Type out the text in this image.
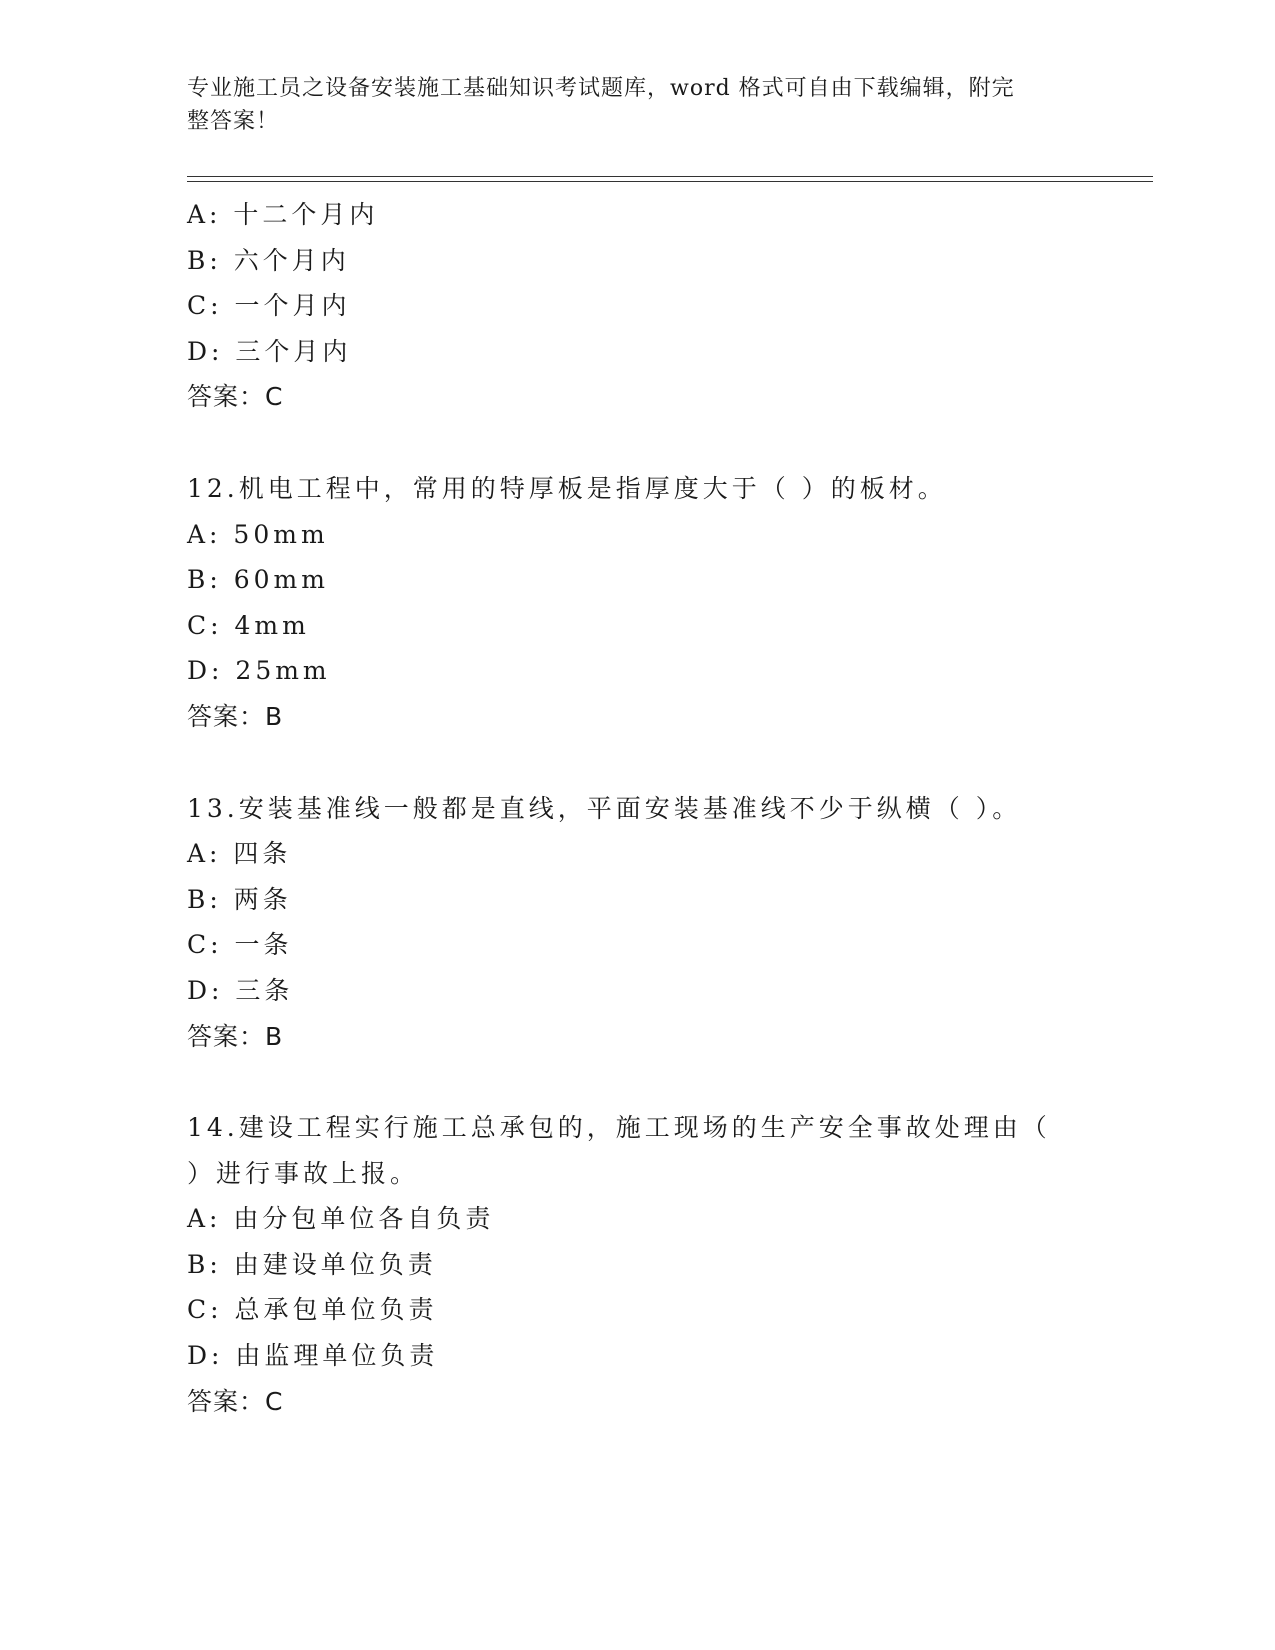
专业施工员之设备安装施工基础知识考试题库，word 格式可自由下载编辑，附完
整答案！
A: 十二个月内
B: 六个月内
C: 一个月内
D: 三个月内
答案：C
12.机电工程中，常用的特厚板是指厚度大于（ ）的板材。
A: 50mm
B: 60mm
C: 4mm
D: 25mm
答案：B
13.安装基准线一般都是直线，平面安装基准线不少于纵横（ ）。
A: 四条
B: 两条
C: 一条
D: 三条
答案：B
14.建设工程实行施工总承包的，施工现场的生产安全事故处理由（
）进行事故上报。
A: 由分包单位各自负责
B: 由建设单位负责
C: 总承包单位负责
D: 由监理单位负责
答案：C
